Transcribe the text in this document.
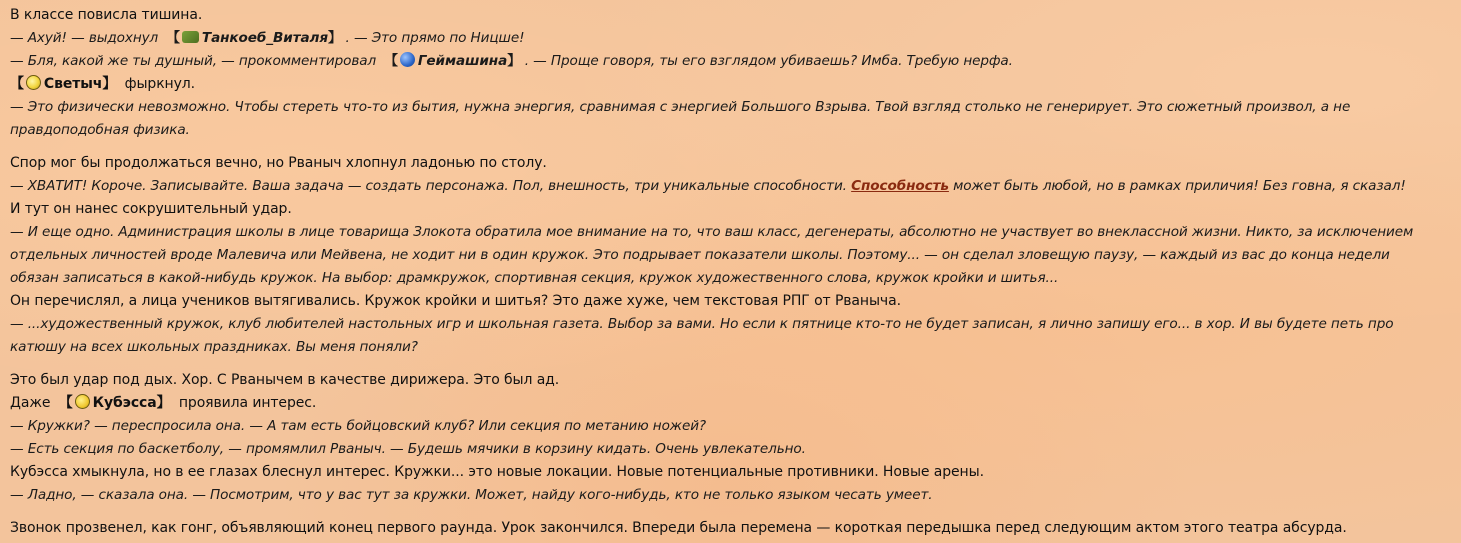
В классе повисла тишина.
— Ахуй! — выдохнул 【 Танкоеб_Виталя】 . — Это прямо по Ницше!
— Бля, какой же ты душный, — прокомментировал 【 Геймашина】 . — Проще говоря, ты его взглядом убиваешь? Имба. Требую нерфа.
【 Светыч】 фыркнул.
— Это физически невозможно. Чтобы стереть что-то из бытия, нужна энергия, сравнимая с энергией Большого Взрыва. Твой взгляд столько не генерирует. Это сюжетный произвол, а не правдоподобная физика.
Спор мог бы продолжаться вечно, но Рваныч хлопнул ладонью по столу.
— ХВАТИТ! Короче. Записывайте. Ваша задача — создать персонажа. Пол, внешность, три уникальные способности. Способность может быть любой, но в рамках приличия! Без говна, я сказал!
И тут он нанес сокрушительный удар.
— И еще одно. Администрация школы в лице товарища Злокота обратила мое внимание на то, что ваш класс, дегенераты, абсолютно не участвует во внеклассной жизни. Никто, за исключением отдельных личностей вроде Малевича или Мейвена, не ходит ни в один кружок. Это подрывает показатели школы. Поэтому... — он сделал зловещую паузу, — каждый из вас до конца недели обязан записаться в какой-нибудь кружок. На выбор: драмкружок, спортивная секция, кружок художественного слова, кружок кройки и шитья...
Он перечислял, а лица учеников вытягивались. Кружок кройки и шитья? Это даже хуже, чем текстовая РПГ от Рваныча.
— ...художественный кружок, клуб любителей настольных игр и школьная газета. Выбор за вами. Но если к пятнице кто-то не будет записан, я лично запишу его... в хор. И вы будете петь про катюшу на всех школьных праздниках. Вы меня поняли?
Это был удар под дых. Хор. С Рванычем в качестве дирижера. Это был ад.
Даже 【 Кубэсса】 проявила интерес.
— Кружки? — переспросила она. — А там есть бойцовский клуб? Или секция по метанию ножей?
— Есть секция по баскетболу, — промямлил Рваныч. — Будешь мячики в корзину кидать. Очень увлекательно.
Кубэсса хмыкнула, но в ее глазах блеснул интерес. Кружки... это новые локации. Новые потенциальные противники. Новые арены.
— Ладно, — сказала она. — Посмотрим, что у вас тут за кружки. Может, найду кого-нибудь, кто не только языком чесать умеет.
Звонок прозвенел, как гонг, объявляющий конец первого раунда. Урок закончился. Впереди была перемена — короткая передышка перед следующим актом этого театра абсурда.
